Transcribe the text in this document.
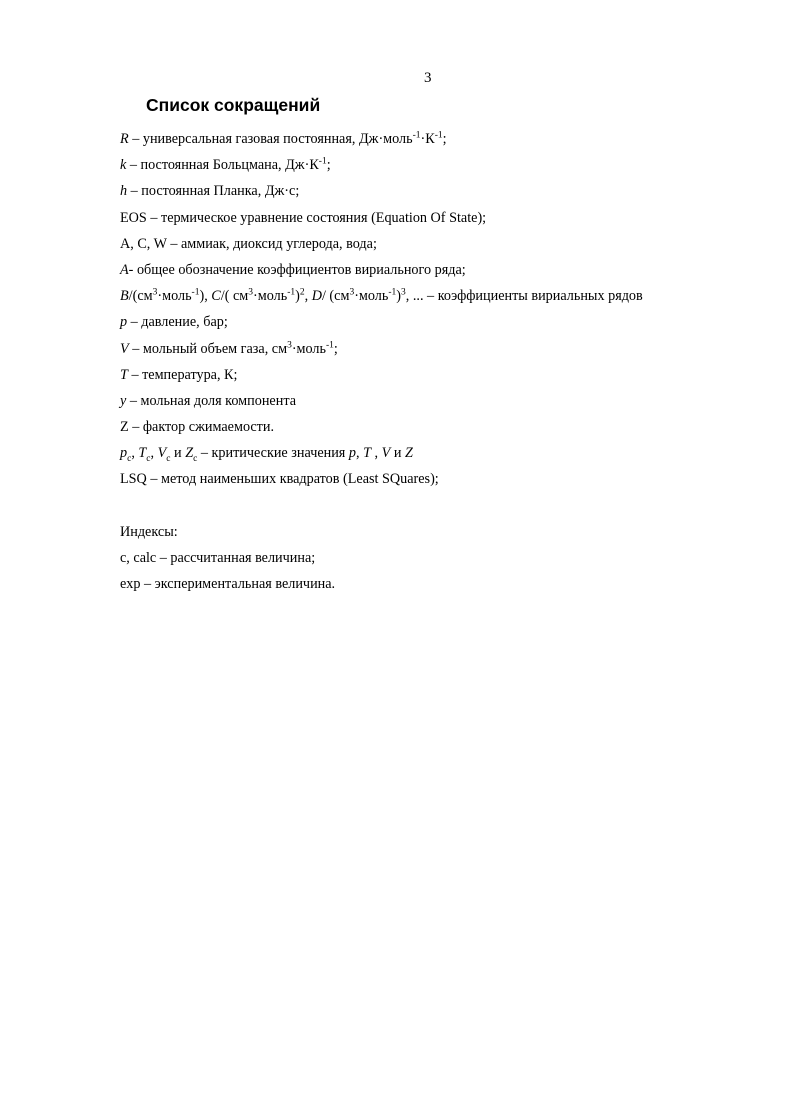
3
Список сокращений
R – универсальная газовая постоянная, $Дж\cdot моль^{-1}\cdot К^{-1}$;
k – постоянная Больцмана, $Дж\cdot К^{-1}$;
h – постоянная Планка, Дж·с;
EOS – термическое уравнение состояния (Equation Of State);
A, C, W – аммиак, диоксид углерода, вода;
A- общее обозначение коэффициентов вириального ряда;
$B/(см^3\cdot моль^{-1})$, C/( $см^3\cdot моль^{-1})^2$, D/ $(см^3\cdot моль^{-1})^3$, ... – коэффициенты вириальных рядов
p – давление, бар;
V – мольный объем газа, $см^3\cdot моль^{-1}$;
T – температура, К;
y – мольная доля компонента
Z – фактор сжимаемости.
$p_c$, $T_c$, $V_c$ и $Z_c$ – критические значения p, T , V и Z
LSQ – метод наименьших квадратов (Least SQuares);
Индексы:
c, calc – рассчитанная величина;
exp – экспериментальная величина.
